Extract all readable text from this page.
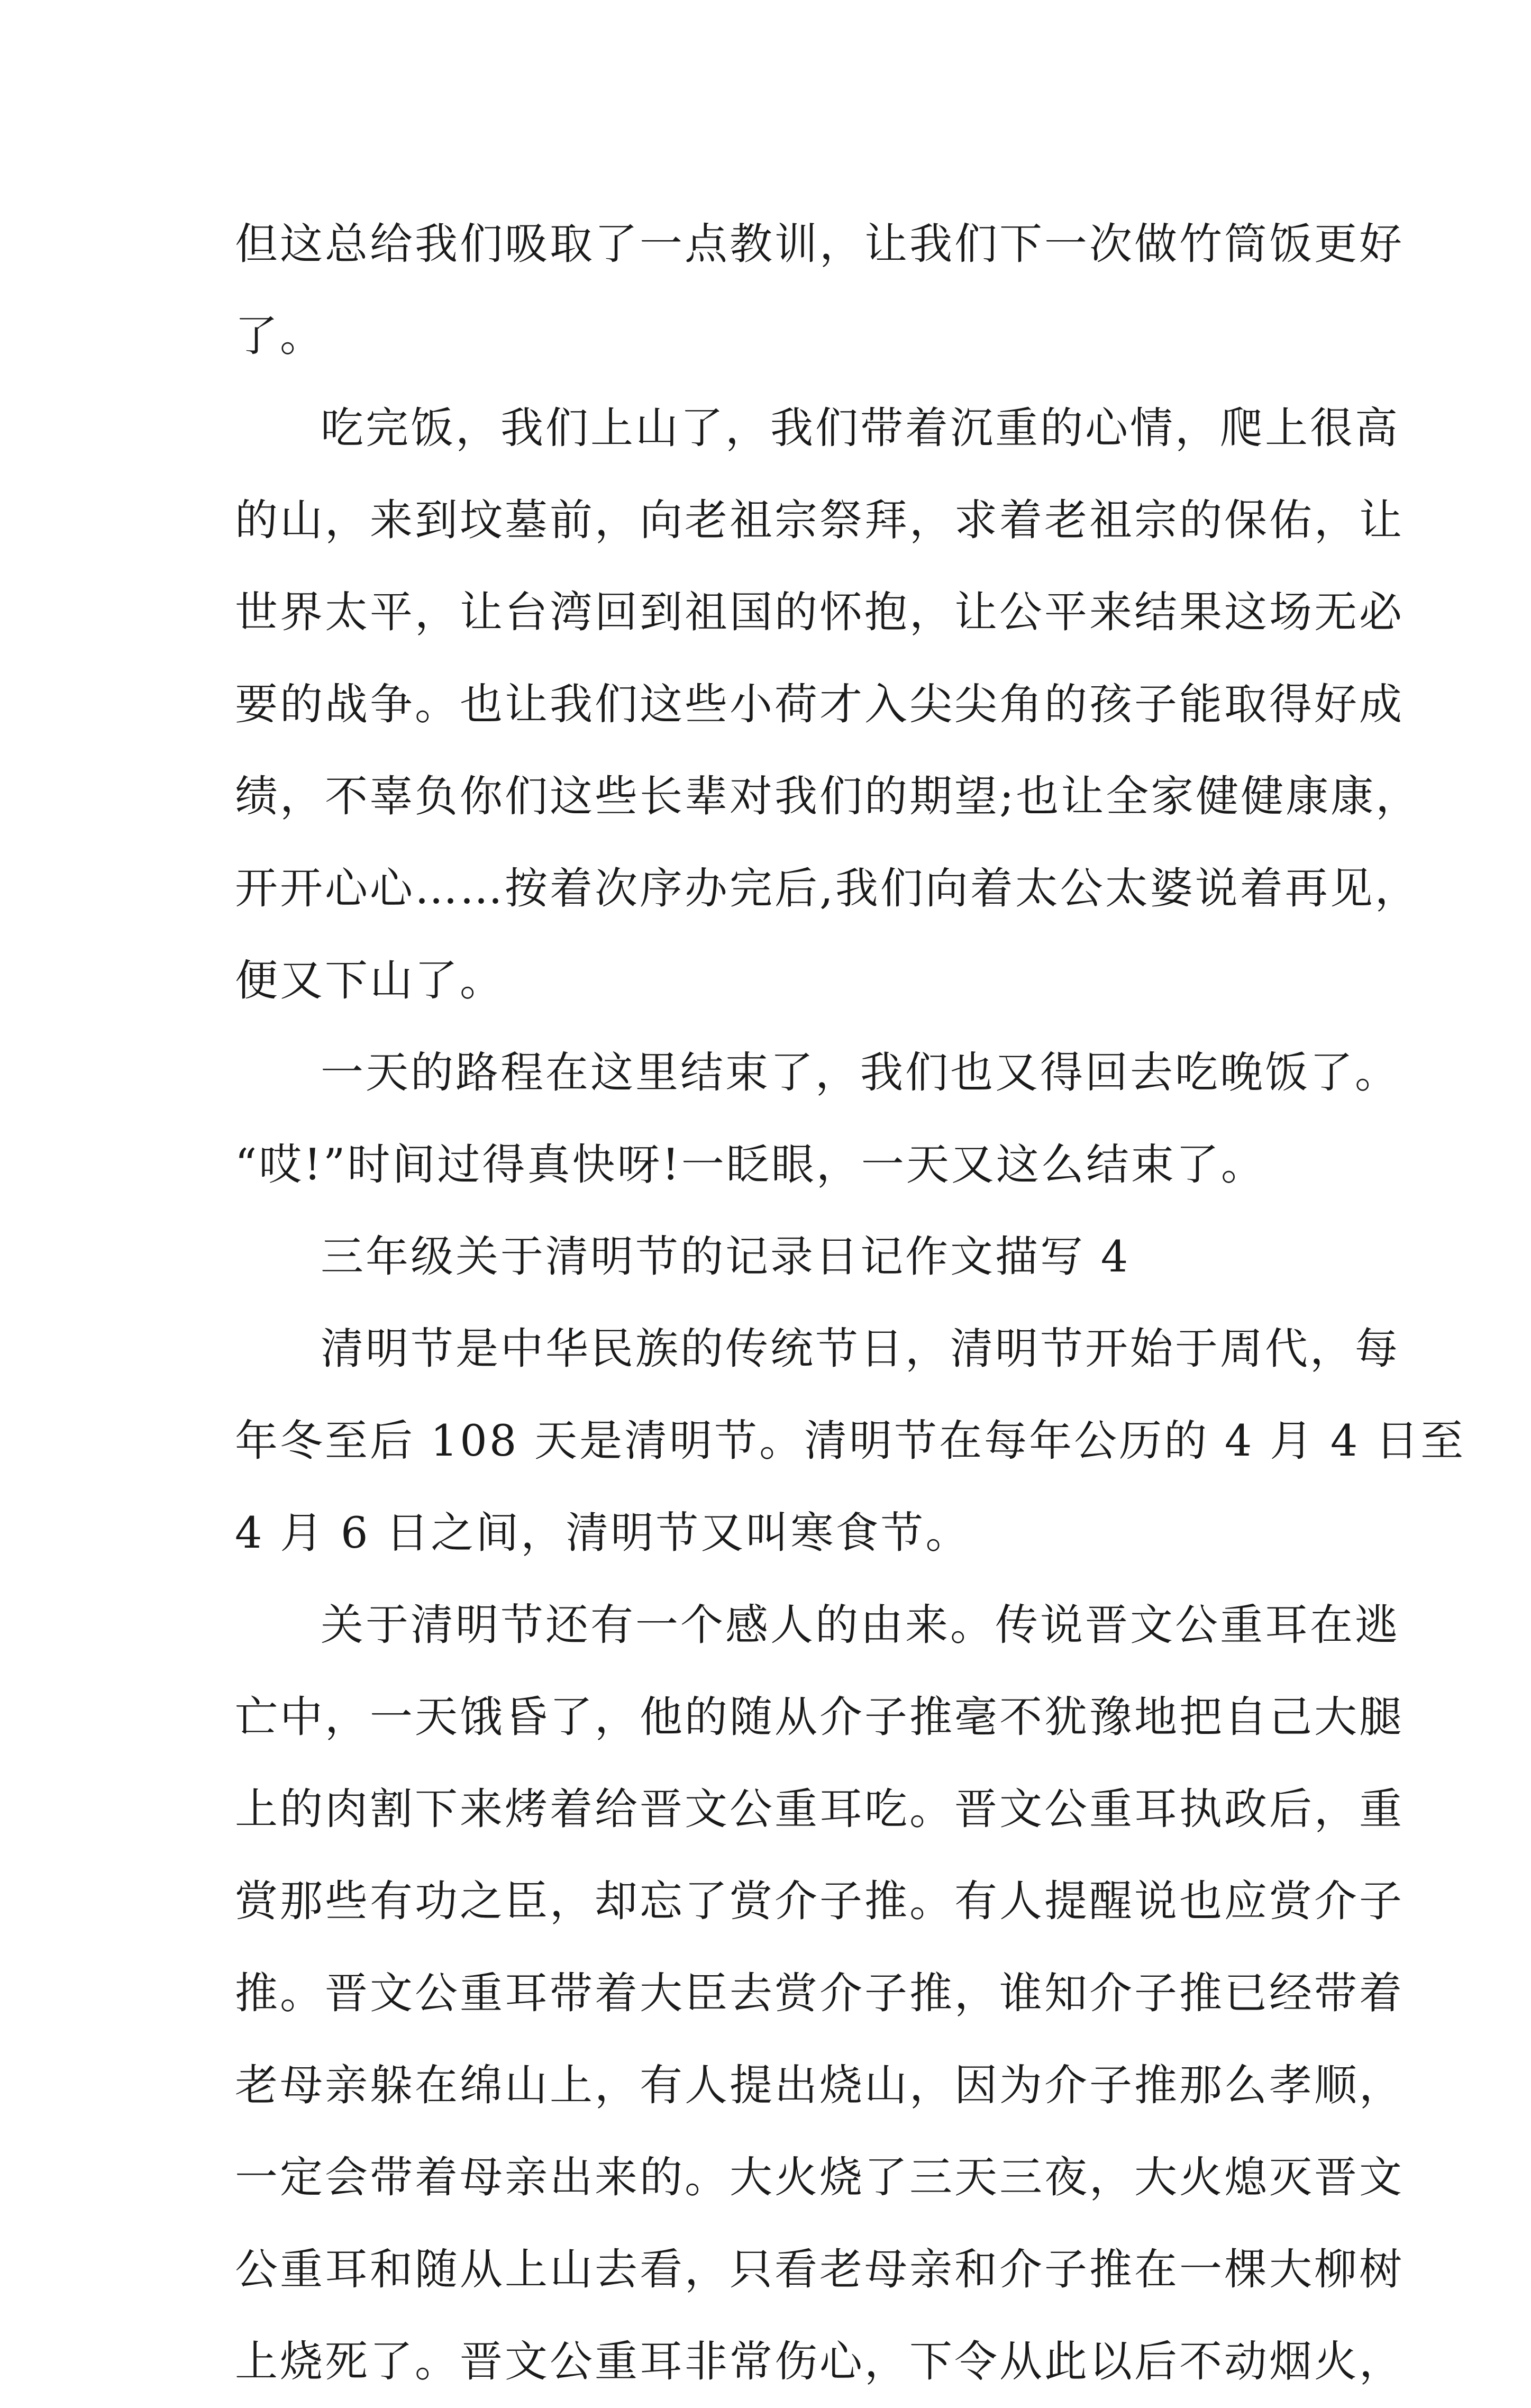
但这总给我们吸取了一点教训，让我们下一次做竹筒饭更好
了。
吃完饭，我们上山了，我们带着沉重的心情，爬上很高
的山，来到坟墓前，向老祖宗祭拜，求着老祖宗的保佑，让
世界太平，让台湾回到祖国的怀抱，让公平来结果这场无必
要的战争。也让我们这些小荷才入尖尖角的孩子能取得好成
绩，不辜负你们这些长辈对我们的期望;也让全家健健康康，
开开心心……按着次序办完后,我们向着太公太婆说着再见，
便又下山了。
一天的路程在这里结束了，我们也又得回去吃晚饭了。
“哎!”时间过得真快呀!一眨眼，一天又这么结束了。
三年级关于清明节的记录日记作文描写 4
清明节是中华民族的传统节日，清明节开始于周代，每
年冬至后 108 天是清明节。清明节在每年公历的 4 月 4 日至
4 月 6 日之间，清明节又叫寒食节。
关于清明节还有一个感人的由来。传说晋文公重耳在逃
亡中，一天饿昏了，他的随从介子推毫不犹豫地把自己大腿
上的肉割下来烤着给晋文公重耳吃。晋文公重耳执政后，重
赏那些有功之臣，却忘了赏介子推。有人提醒说也应赏介子
推。晋文公重耳带着大臣去赏介子推，谁知介子推已经带着
老母亲躲在绵山上，有人提出烧山，因为介子推那么孝顺，
一定会带着母亲出来的。大火烧了三天三夜，大火熄灭晋文
公重耳和随从上山去看，只看老母亲和介子推在一棵大柳树
上烧死了。晋文公重耳非常伤心，下令从此以后不动烟火，
